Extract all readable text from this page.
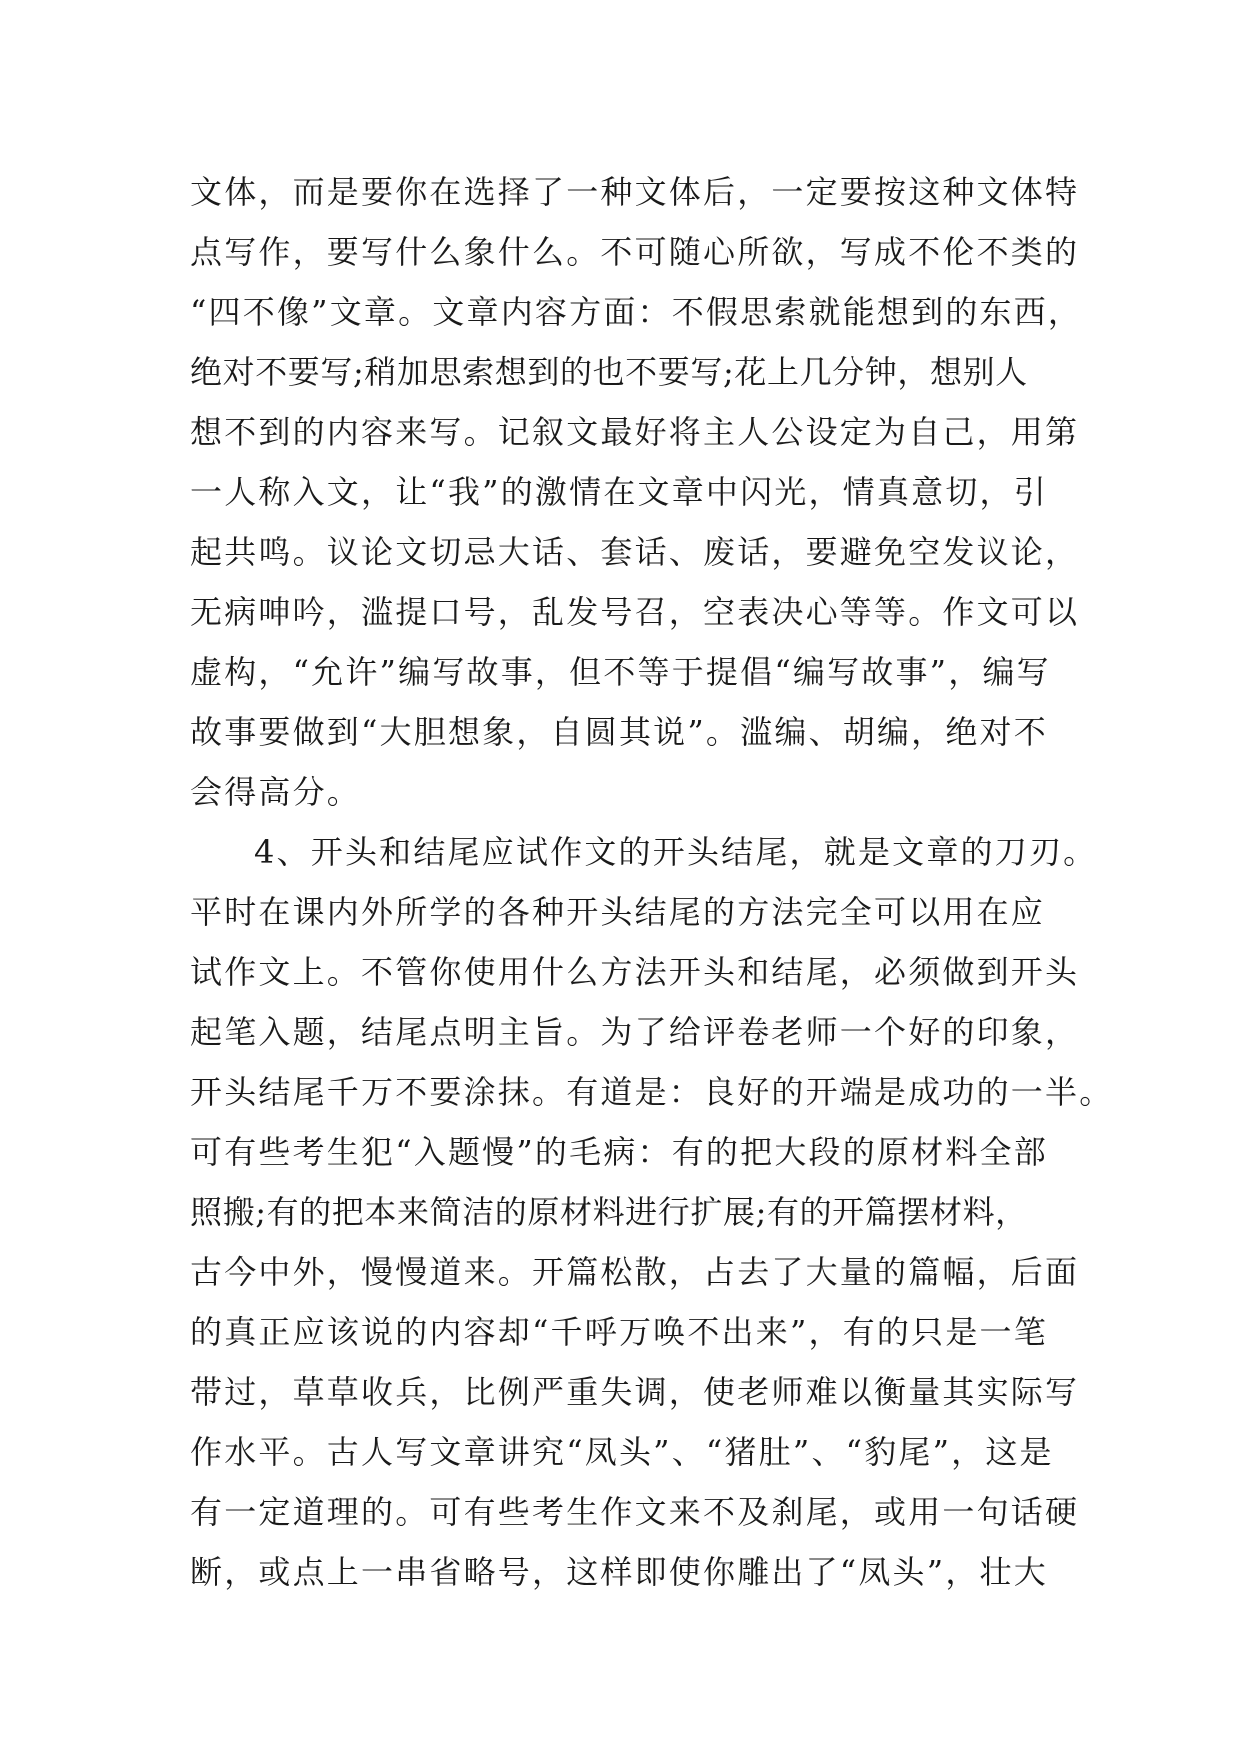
文体，而是要你在选择了一种文体后，一定要按这种文体特
点写作，要写什么象什么。不可随心所欲，写成不伦不类的
“四不像”文章。文章内容方面：不假思索就能想到的东西，
绝对不要写;稍加思索想到的也不要写;花上几分钟，想别人
想不到的内容来写。记叙文最好将主人公设定为自己，用第
一人称入文，让“我”的激情在文章中闪光，情真意切，引
起共鸣。议论文切忌大话、套话、废话，要避免空发议论，
无病呻吟，滥提口号，乱发号召，空表决心等等。作文可以
虚构，“允许”编写故事，但不等于提倡“编写故事”，编写
故事要做到“大胆想象，自圆其说”。滥编、胡编，绝对不
会得高分。
4、开头和结尾应试作文的开头结尾，就是文章的刀刃。
平时在课内外所学的各种开头结尾的方法完全可以用在应
试作文上。不管你使用什么方法开头和结尾，必须做到开头
起笔入题，结尾点明主旨。为了给评卷老师一个好的印象，
开头结尾千万不要涂抹。有道是：良好的开端是成功的一半。
可有些考生犯“入题慢”的毛病：有的把大段的原材料全部
照搬;有的把本来简洁的原材料进行扩展;有的开篇摆材料，
古今中外，慢慢道来。开篇松散，占去了大量的篇幅，后面
的真正应该说的内容却“千呼万唤不出来”，有的只是一笔
带过，草草收兵，比例严重失调，使老师难以衡量其实际写
作水平。古人写文章讲究“凤头”、“猪肚”、“豹尾”，这是
有一定道理的。可有些考生作文来不及刹尾，或用一句话硬
断，或点上一串省略号，这样即使你雕出了“凤头”，壮大
